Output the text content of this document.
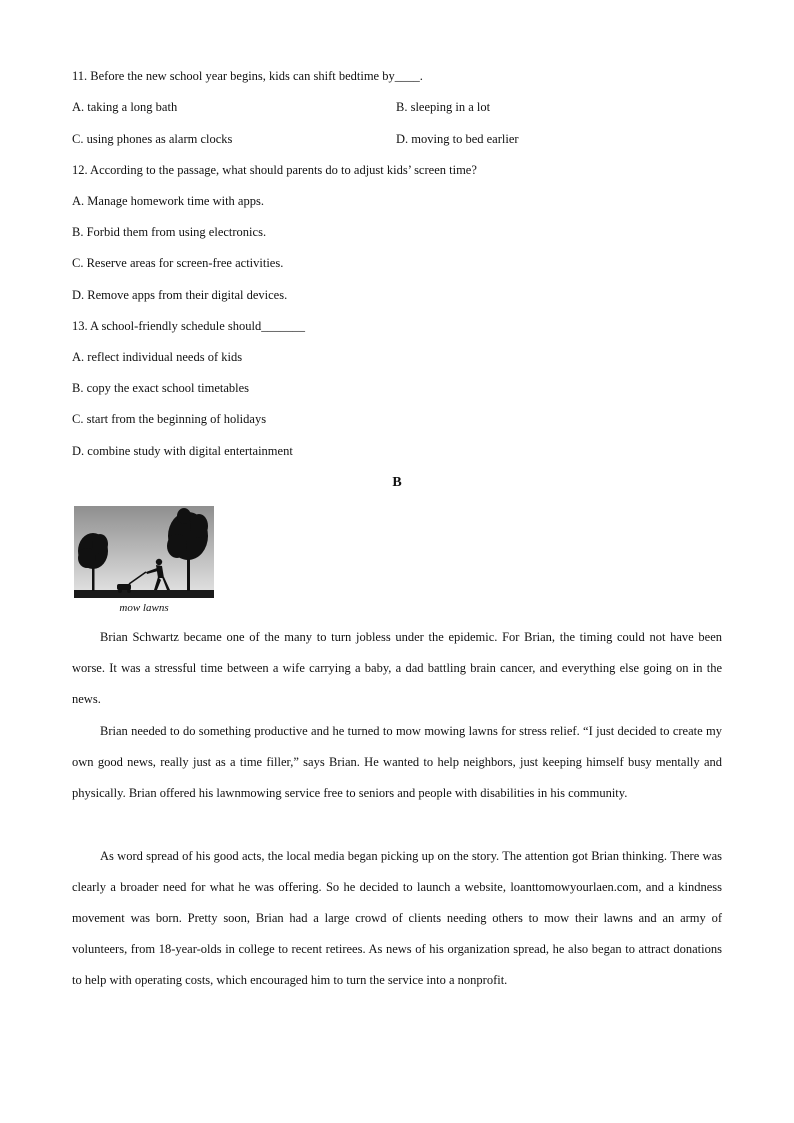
11. Before the new school year begins, kids can shift bedtime by____.
A. taking a long bath	B. sleeping in a lot
C. using phones as alarm clocks	D. moving to bed earlier
12. According to the passage, what should parents do to adjust kids’ screen time?
A. Manage homework time with apps.
B. Forbid them from using electronics.
C. Reserve areas for screen-free activities.
D. Remove apps from their digital devices.
13. A school-friendly schedule should_______
A. reflect individual needs of kids
B. copy the exact school timetables
C. start from the beginning of holidays
D. combine study with digital entertainment
B
mow lawns

Brian Schwartz became one of the many to turn jobless under the epidemic. For Brian, the timing could not have been worse. It was a stressful time between a wife carrying a baby, a dad battling brain cancer, and everything else going on in the news.

Brian needed to do something productive and he turned to mow mowing lawns for stress relief. “I just decided to create my own good news, really just as a time filler,” says Brian. He wanted to help neighbors, just keeping himself busy mentally and physically. Brian offered his lawnmowing service free to seniors and people with disabilities in his community.

As word spread of his good acts, the local media began picking up on the story. The attention got Brian thinking. There was clearly a broader need for what he was offering. So he decided to launch a website, loanttomowyourlaen.com, and a kindness movement was born. Pretty soon, Brian had a large crowd of clients needing others to mow their lawns and an army of volunteers, from 18-year-olds in college to recent retirees. As news of his organization spread, he also began to attract donations to help with operating costs, which encouraged him to turn the service into a nonprofit.
